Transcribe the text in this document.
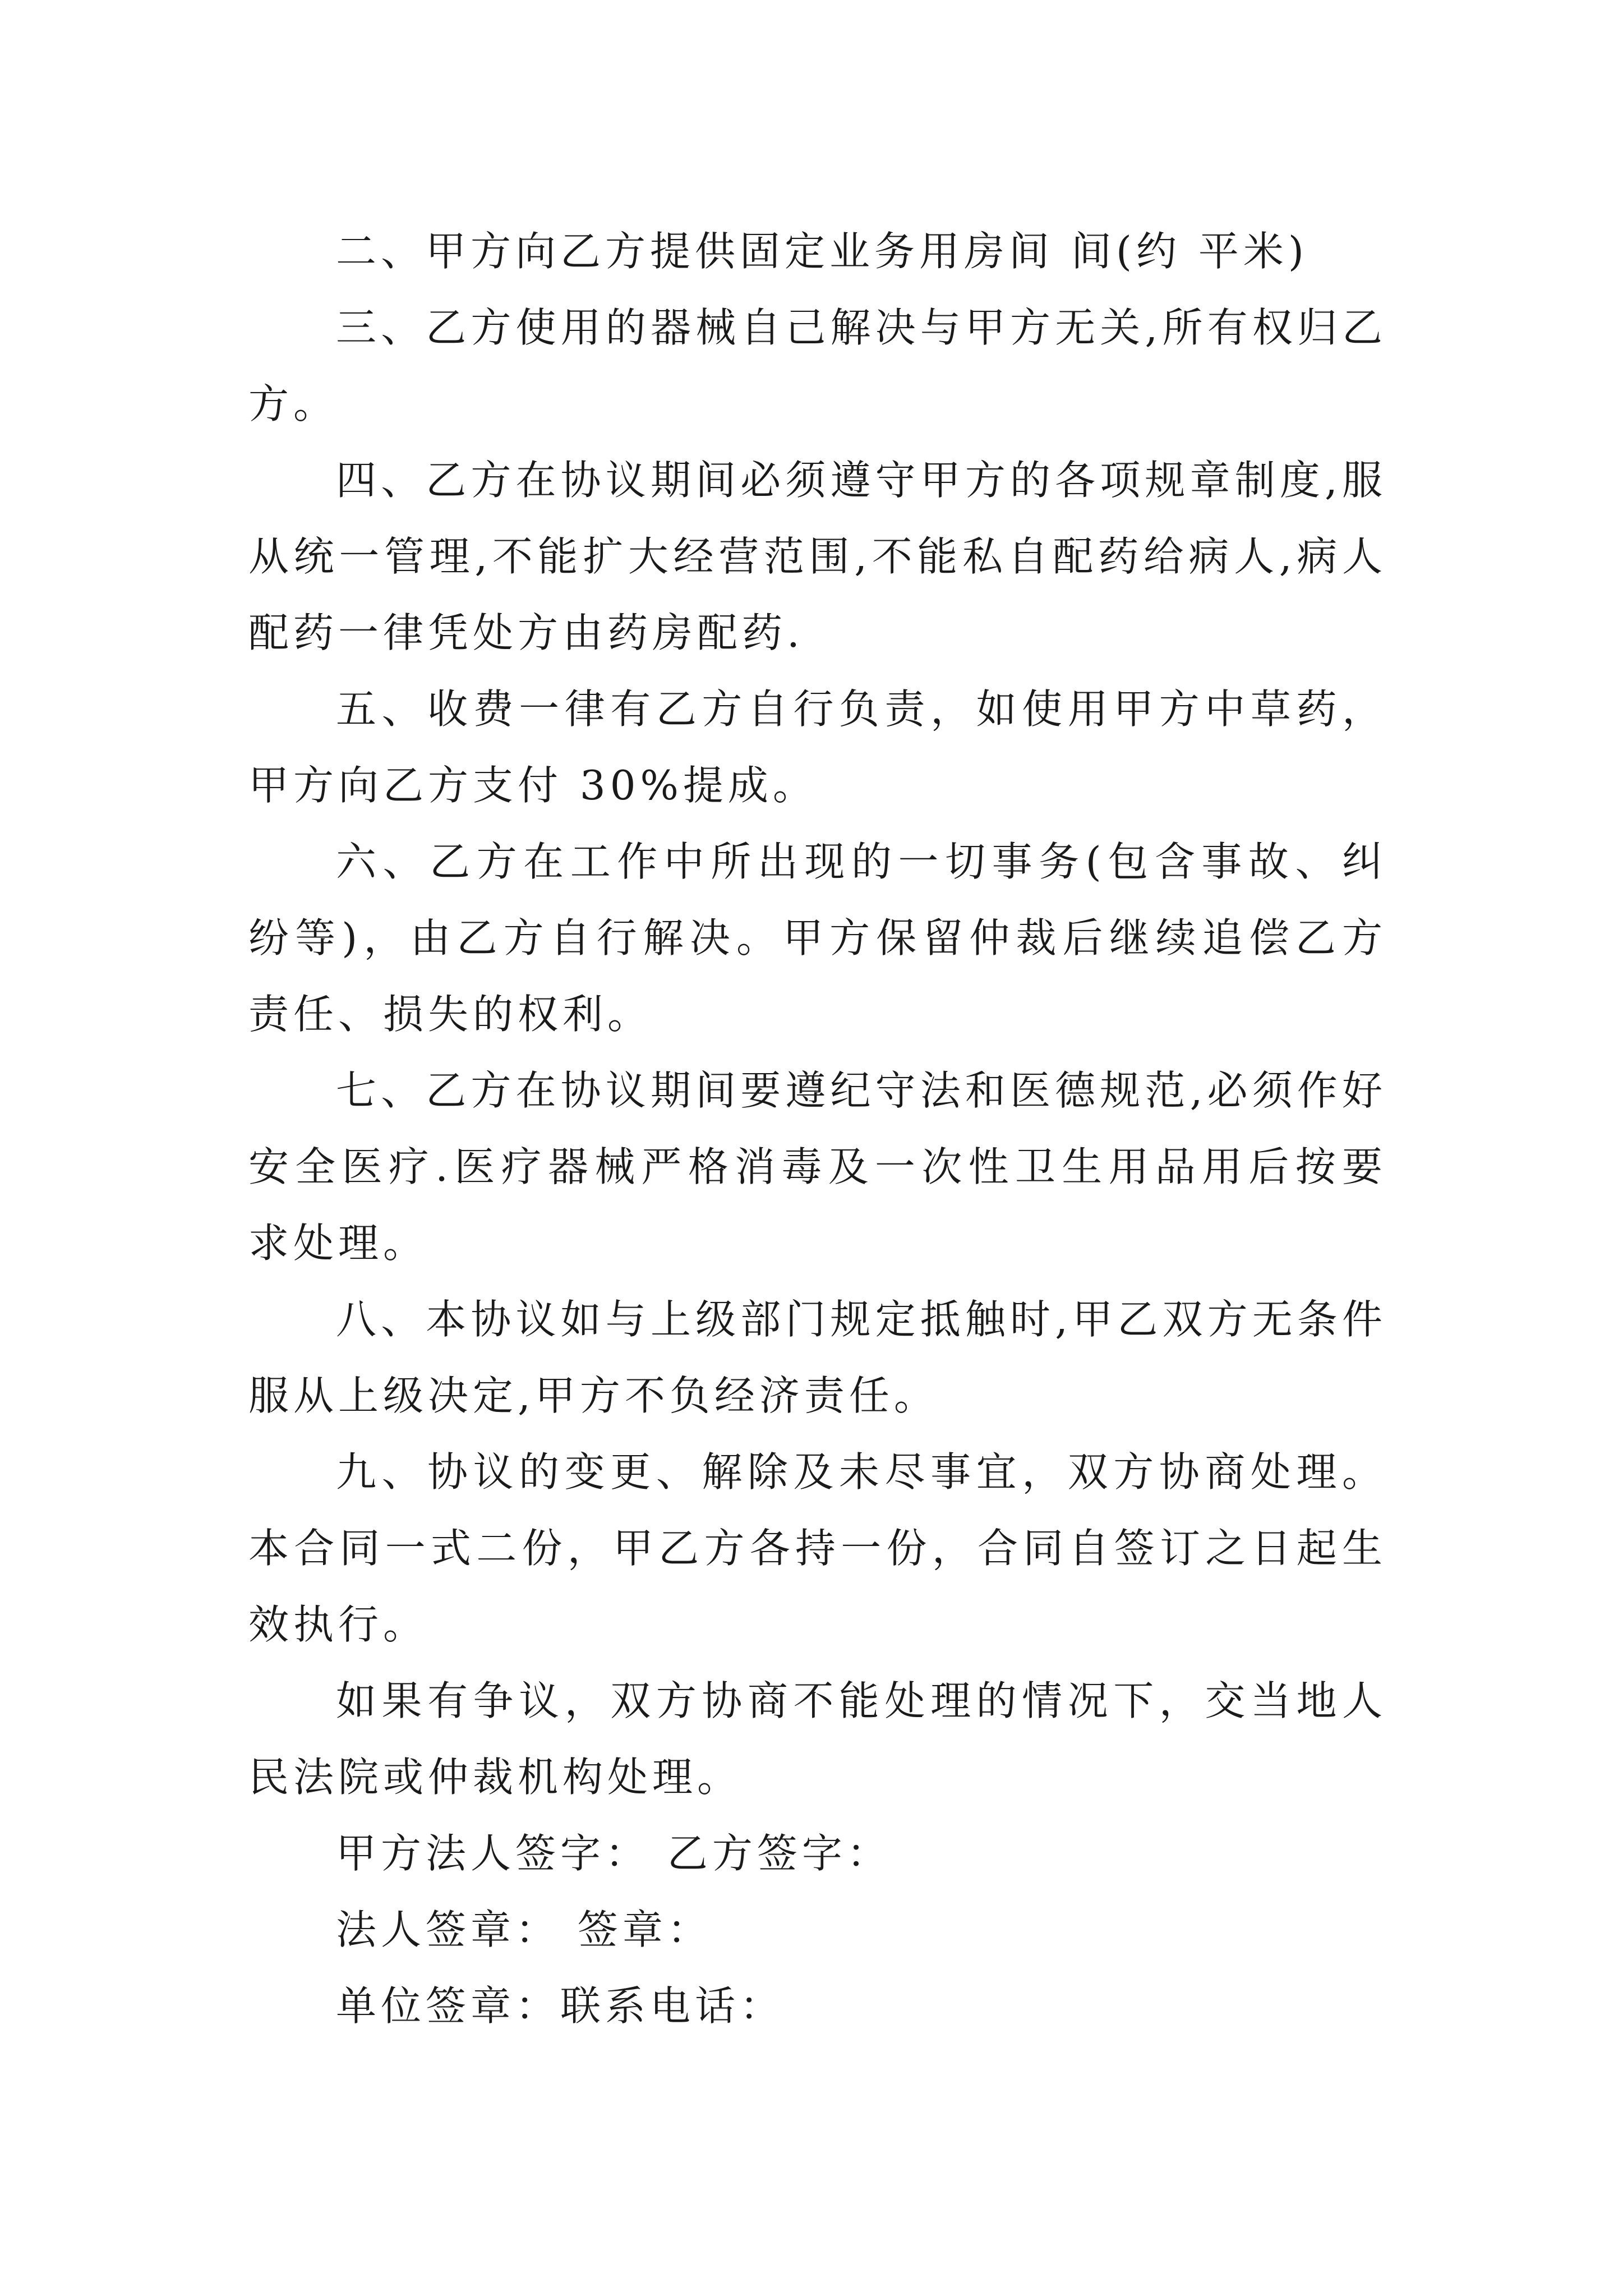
二、甲方向乙方提供固定业务用房间 间(约 平米)

三、乙方使用的器械自己解决与甲方无关,所有权归乙方。

四、乙方在协议期间必须遵守甲方的各项规章制度,服从统一管理,不能扩大经营范围,不能私自配药给病人,病人配药一律凭处方由药房配药.

五、收费一律有乙方自行负责，如使用甲方中草药，甲方向乙方支付 30%提成。

六、乙方在工作中所出现的一切事务(包含事故、纠纷等)，由乙方自行解决。甲方保留仲裁后继续追偿乙方责任、损失的权利。

七、乙方在协议期间要遵纪守法和医德规范,必须作好安全医疗.医疗器械严格消毒及一次性卫生用品用后按要求处理。

八、本协议如与上级部门规定抵触时,甲乙双方无条件服从上级决定,甲方不负经济责任。

九、协议的变更、解除及未尽事宜，双方协商处理。本合同一式二份，甲乙方各持一份，合同自签订之日起生效执行。

如果有争议，双方协商不能处理的情况下，交当地人民法院或仲裁机构处理。

甲方法人签字： 乙方签字：

法人签章： 签章：

单位签章：联系电话：
